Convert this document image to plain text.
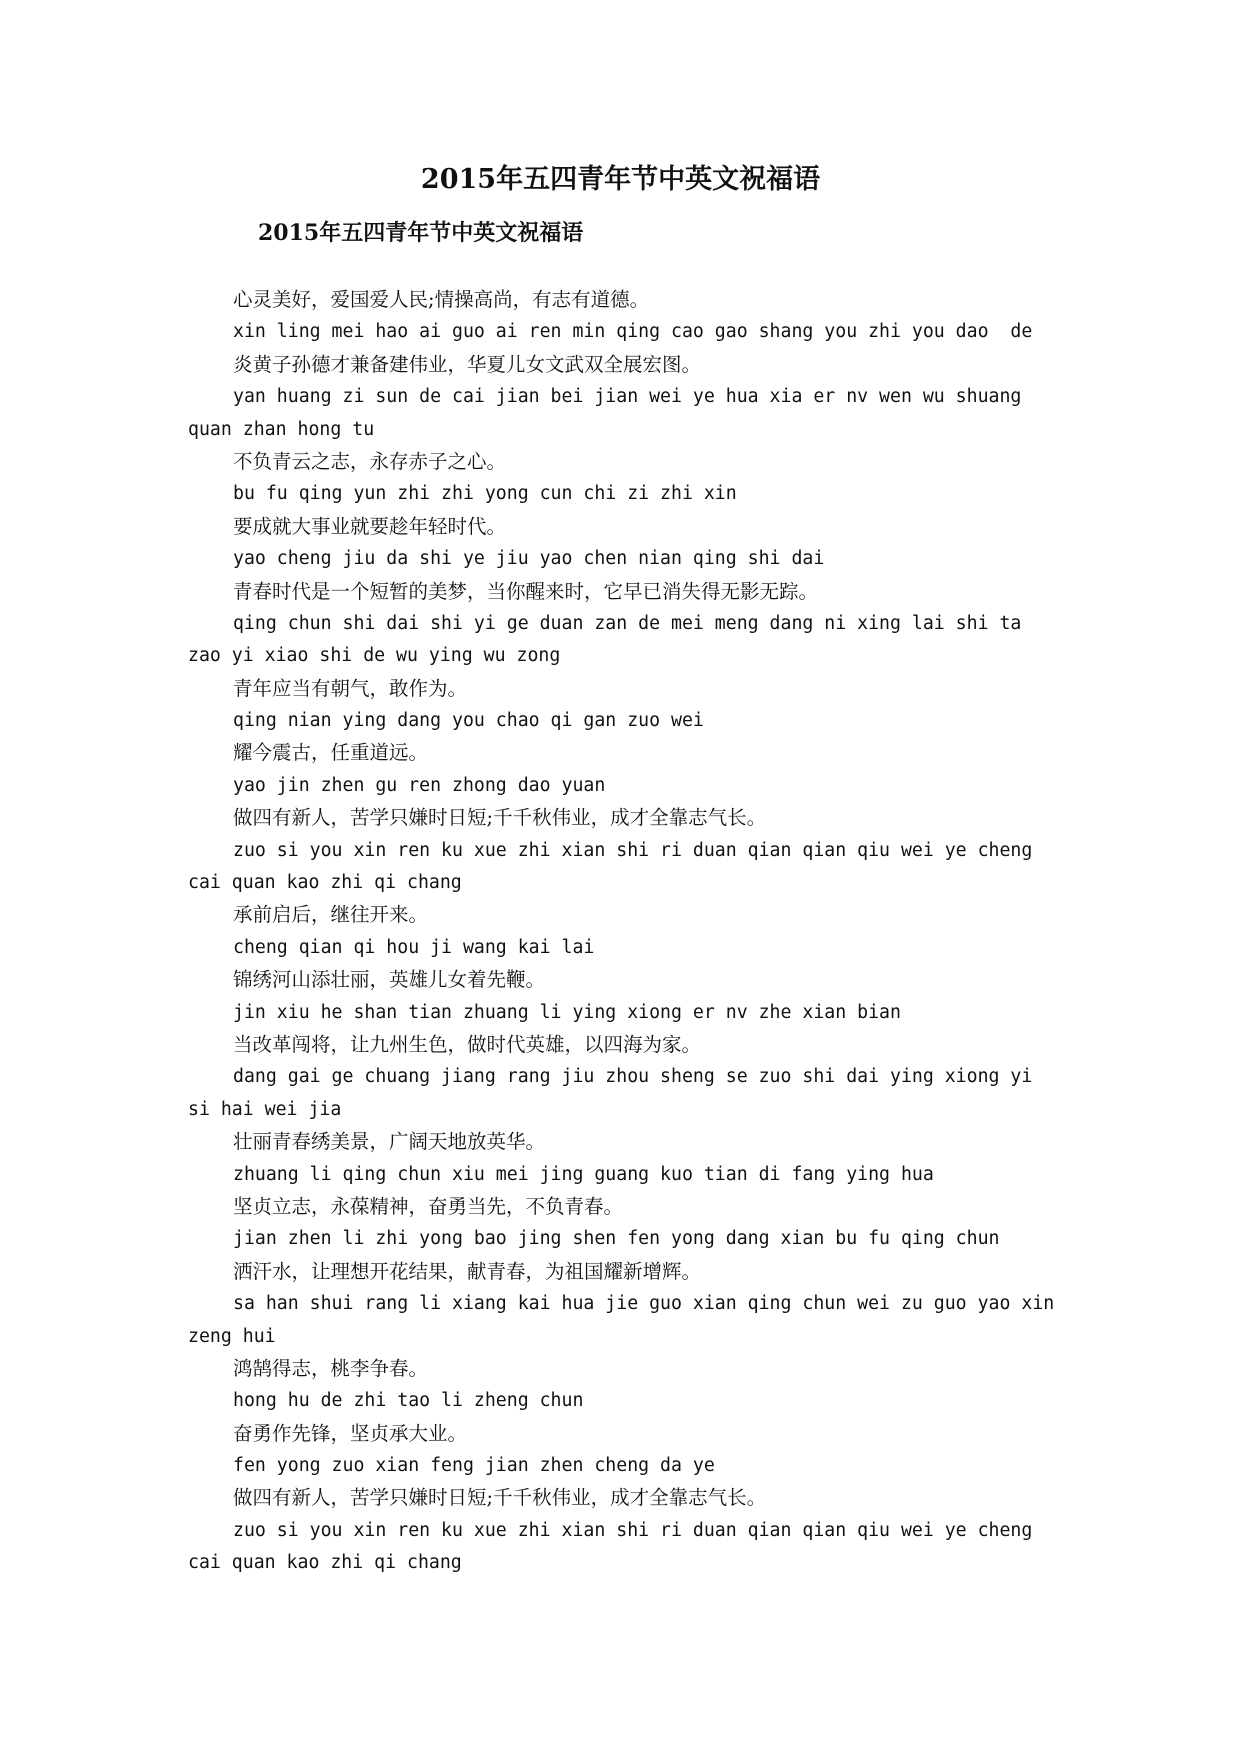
2015年五四青年节中英文祝福语
2015年五四青年节中英文祝福语
心灵美好，爱国爱人民;情操高尚，有志有道德。
xin ling mei hao ai guo ai ren min qing cao gao shang you zhi you dao  de
炎黄子孙德才兼备建伟业，华夏儿女文武双全展宏图。
yan huang zi sun de cai jian bei jian wei ye hua xia er nv wen wu shuang
quan zhan hong tu
不负青云之志，永存赤子之心。
bu fu qing yun zhi zhi yong cun chi zi zhi xin
要成就大事业就要趁年轻时代。
yao cheng jiu da shi ye jiu yao chen nian qing shi dai
青春时代是一个短暂的美梦，当你醒来时，它早已消失得无影无踪。
qing chun shi dai shi yi ge duan zan de mei meng dang ni xing lai shi ta
zao yi xiao shi de wu ying wu zong
青年应当有朝气，敢作为。
qing nian ying dang you chao qi gan zuo wei
耀今震古，任重道远。
yao jin zhen gu ren zhong dao yuan
做四有新人，苦学只嫌时日短;千千秋伟业，成才全靠志气长。
zuo si you xin ren ku xue zhi xian shi ri duan qian qian qiu wei ye cheng
cai quan kao zhi qi chang
承前启后，继往开来。
cheng qian qi hou ji wang kai lai
锦绣河山添壮丽，英雄儿女着先鞭。
jin xiu he shan tian zhuang li ying xiong er nv zhe xian bian
当改革闯将，让九州生色，做时代英雄，以四海为家。
dang gai ge chuang jiang rang jiu zhou sheng se zuo shi dai ying xiong yi
si hai wei jia
壮丽青春绣美景，广阔天地放英华。
zhuang li qing chun xiu mei jing guang kuo tian di fang ying hua
坚贞立志，永葆精神，奋勇当先，不负青春。
jian zhen li zhi yong bao jing shen fen yong dang xian bu fu qing chun
洒汗水，让理想开花结果，献青春，为祖国耀新增辉。
sa han shui rang li xiang kai hua jie guo xian qing chun wei zu guo yao xin
zeng hui
鸿鹄得志，桃李争春。
hong hu de zhi tao li zheng chun
奋勇作先锋，坚贞承大业。
fen yong zuo xian feng jian zhen cheng da ye
做四有新人，苦学只嫌时日短;千千秋伟业，成才全靠志气长。
zuo si you xin ren ku xue zhi xian shi ri duan qian qian qiu wei ye cheng
cai quan kao zhi qi chang
